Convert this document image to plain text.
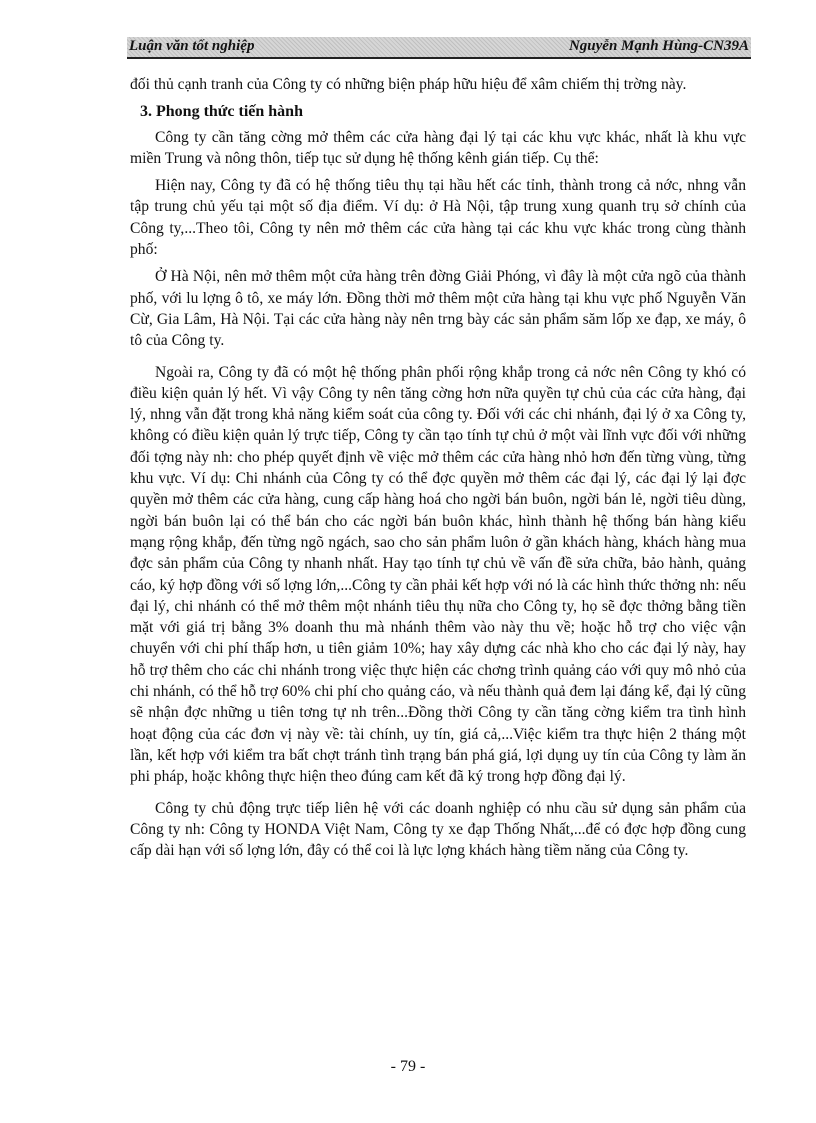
Luận văn tốt nghiệp	Nguyễn Mạnh Hùng-CN39A

đối thủ cạnh tranh của Công ty có những biện pháp hữu hiệu để xâm chiếm thị trờng này.

3. Phong thức tiến hành

Công ty cần tăng cờng mở thêm các cửa hàng đại lý tại các khu vực khác, nhất là khu vực miền Trung và nông thôn, tiếp tục sử dụng hệ thống kênh gián tiếp. Cụ thể:

Hiện nay, Công ty đã có hệ thống tiêu thụ tại hầu hết các tỉnh, thành trong cả nớc, nhng vẫn tập trung chủ yếu tại một số địa điểm. Ví dụ: ở Hà Nội, tập trung xung quanh trụ sở chính của Công ty,...Theo tôi, Công ty nên mở thêm các cửa hàng tại các khu vực khác trong cùng thành phố:

Ở Hà Nội, nên mở thêm một cửa hàng trên đờng Giải Phóng, vì đây là một cửa ngõ của thành phố, với lu lợng ô tô, xe máy lớn. Đồng thời mở thêm một cửa hàng tại khu vực phố Nguyễn Văn Cừ, Gia Lâm, Hà Nội. Tại các cửa hàng này nên trng bày các sản phẩm săm lốp xe đạp, xe máy, ô tô của Công ty.

Ngoài ra, Công ty đã có một hệ thống phân phối rộng khắp trong cả nớc nên Công ty khó có điều kiện quản lý hết. Vì vậy Công ty nên tăng cờng hơn nữa quyền tự chủ của các cửa hàng, đại lý, nhng vẫn đặt trong khả năng kiểm soát của công ty. Đối với các chi nhánh, đại lý ở xa Công ty, không có điều kiện quản lý trực tiếp, Công ty cần tạo tính tự chủ ở một vài lĩnh vực đối với những đối tợng này nh: cho phép quyết định về việc mở thêm các cửa hàng nhỏ hơn đến từng vùng, từng khu vực. Ví dụ: Chi nhánh của Công ty có thể đợc quyền mở thêm các đại lý, các đại lý lại đợc quyền mở thêm các cửa hàng, cung cấp hàng hoá cho ngời bán buôn, ngời bán lẻ, ngời tiêu dùng, ngời bán buôn lại có thể bán cho các ngời bán buôn khác, hình thành hệ thống bán hàng kiểu mạng rộng khắp, đến từng ngõ ngách, sao cho sản phẩm luôn ở gần khách hàng, khách hàng mua đợc sản phẩm của Công ty nhanh nhất. Hay tạo tính tự chủ về vấn đề sửa chữa, bảo hành, quảng cáo, ký hợp đồng với số lợng lớn,...Công ty cần phải kết hợp với nó là các hình thức thởng nh: nếu đại lý, chi nhánh có thể mở thêm một nhánh tiêu thụ nữa cho Công ty, họ sẽ đợc thởng bằng tiền mặt với giá trị bằng 3% doanh thu mà nhánh thêm vào này thu về; hoặc hỗ trợ cho việc vận chuyển với chi phí thấp hơn, u tiên giảm 10%; hay xây dựng các nhà kho cho các đại lý này, hay hỗ trợ thêm cho các chi nhánh trong việc thực hiện các chơng trình quảng cáo với quy mô nhỏ của chi nhánh, có thể hỗ trợ 60% chi phí cho quảng cáo, và nếu thành quả đem lại đáng kể, đại lý cũng sẽ nhận đợc những u tiên tơng tự nh trên...Đồng thời Công ty cần tăng cờng kiểm tra tình hình hoạt động của các đơn vị này về: tài chính, uy tín, giá cả,...Việc kiểm tra thực hiện 2 tháng một lần, kết hợp với kiểm tra bất chợt tránh tình trạng bán phá giá, lợi dụng uy tín của Công ty làm ăn phi pháp, hoặc không thực hiện theo đúng cam kết đã ký trong hợp đồng đại lý.

Công ty chủ động trực tiếp liên hệ với các doanh nghiệp có nhu cầu sử dụng sản phẩm của Công ty nh: Công ty HONDA Việt Nam, Công ty xe đạp Thống Nhất,...để có đợc hợp đồng cung cấp dài hạn với số lợng lớn, đây có thể coi là lực lợng khách hàng tiềm năng của Công ty.

- 79 -
